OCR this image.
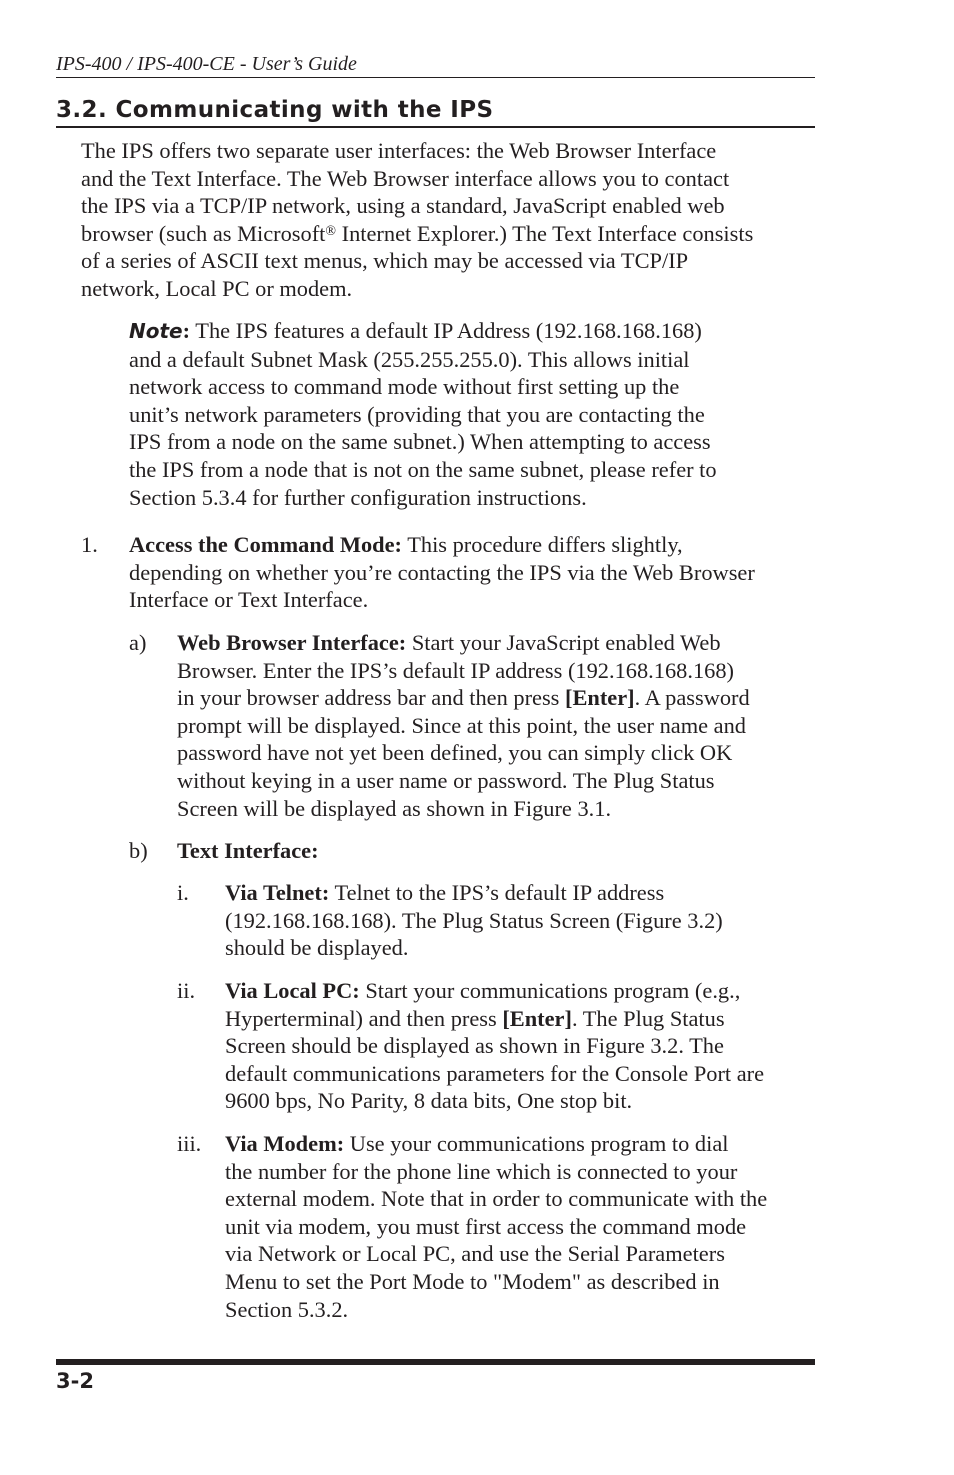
IPS-400 / IPS-400-CE - User’s Guide
3.2. Communicating with the IPS

The IPS offers two separate user interfaces: the Web Browser Interface
and the Text Interface. The Web Browser interface allows you to contact
the IPS via a TCP/IP network, using a standard, JavaScript enabled web
browser (such as Microsoft® Internet Explorer.) The Text Interface consists
of a series of ASCII text menus, which may be accessed via TCP/IP
network, Local PC or modem.

Note: The IPS features a default IP Address (192.168.168.168)
and a default Subnet Mask (255.255.255.0). This allows initial
network access to command mode without first setting up the
unit’s network parameters (providing that you are contacting the
IPS from a node on the same subnet.) When attempting to access
the IPS from a node that is not on the same subnet, please refer to
Section 5.3.4 for further configuration instructions.

1. Access the Command Mode: This procedure differs slightly,
depending on whether you’re contacting the IPS via the Web Browser
Interface or Text Interface.

a) Web Browser Interface: Start your JavaScript enabled Web
Browser. Enter the IPS’s default IP address (192.168.168.168)
in your browser address bar and then press [Enter]. A password
prompt will be displayed. Since at this point, the user name and
password have not yet been defined, you can simply click OK
without keying in a user name or password. The Plug Status
Screen will be displayed as shown in Figure 3.1.

b) Text Interface:

i. Via Telnet: Telnet to the IPS’s default IP address
(192.168.168.168). The Plug Status Screen (Figure 3.2)
should be displayed.

ii. Via Local PC: Start your communications program (e.g.,
Hyperterminal) and then press [Enter]. The Plug Status
Screen should be displayed as shown in Figure 3.2. The
default communications parameters for the Console Port are
9600 bps, No Parity, 8 data bits, One stop bit.

iii. Via Modem: Use your communications program to dial
the number for the phone line which is connected to your
external modem. Note that in order to communicate with the
unit via modem, you must first access the command mode
via Network or Local PC, and use the Serial Parameters
Menu to set the Port Mode to "Modem" as described in
Section 5.3.2.

3-2
